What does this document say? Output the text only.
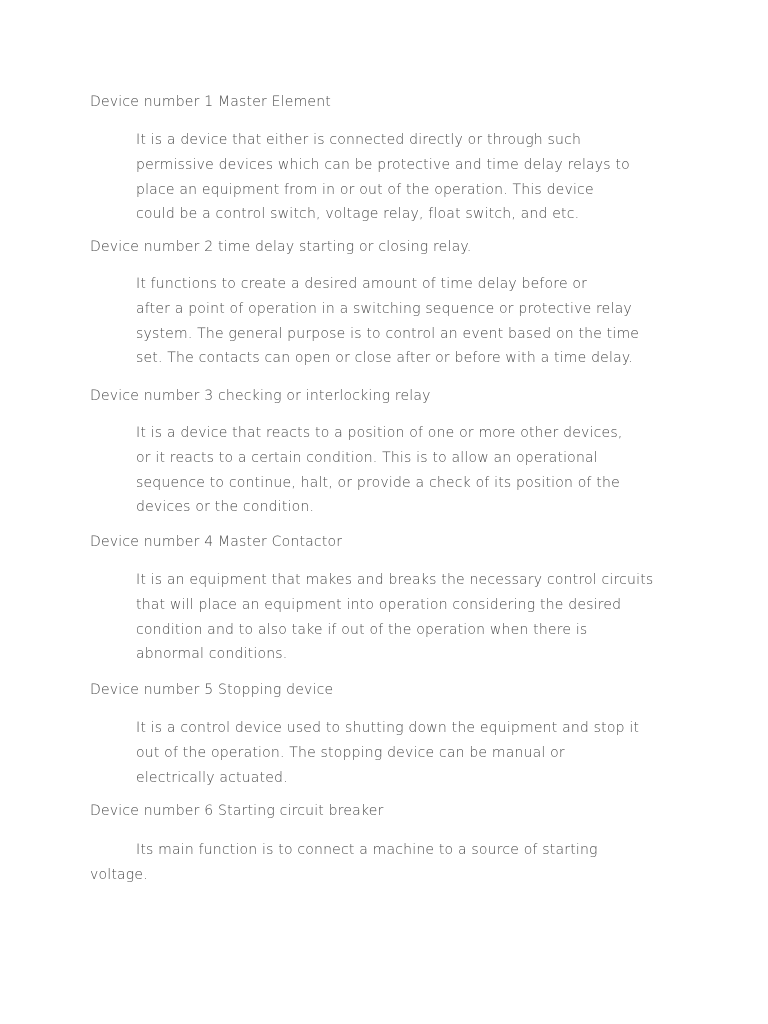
Device number 1 Master Element
It is a device that either is connected directly or through such
permissive devices which can be protective and time delay relays to
place an equipment from in or out of the operation. This device
could be a control switch, voltage relay, float switch, and etc.
Device number 2 time delay starting or closing relay.
It functions to create a desired amount of time delay before or
after a point of operation in a switching sequence or protective relay
system. The general purpose is to control an event based on the time
set. The contacts can open or close after or before with a time delay.
Device number 3 checking or interlocking relay
It is a device that reacts to a position of one or more other devices,
or it reacts to a certain condition. This is to allow an operational
sequence to continue, halt, or provide a check of its position of the
devices or the condition.
Device number 4 Master Contactor
It is an equipment that makes and breaks the necessary control circuits
that will place an equipment into operation considering the desired
condition and to also take if out of the operation when there is
abnormal conditions.
Device number 5 Stopping device
It is a control device used to shutting down the equipment and stop it
out of the operation. The stopping device can be manual or
electrically actuated.
Device number 6 Starting circuit breaker
Its main function is to connect a machine to a source of starting
voltage.
